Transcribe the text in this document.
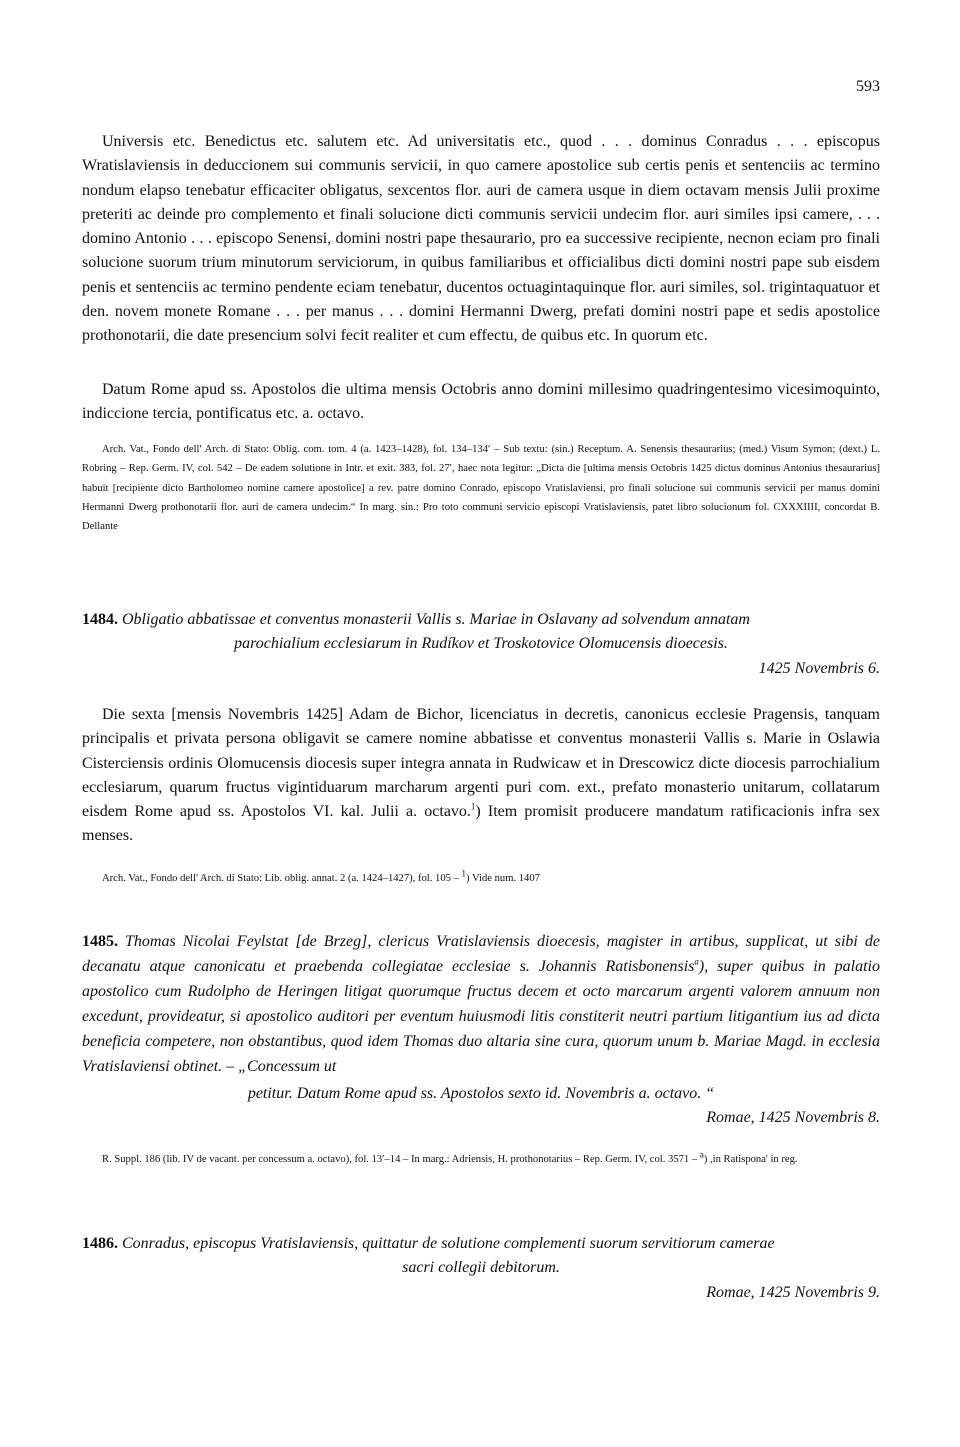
593

Universis etc. Benedictus etc. salutem etc. Ad universitatis etc., quod . . . dominus Conradus . . . episcopus Wratislaviensis in deduccionem sui communis servicii, in quo camere apostolice sub certis penis et sentenciis ac termino nondum elapso tenebatur efficaciter obligatus, sexcentos flor. auri de camera usque in diem octavam mensis Julii proxime preteriti ac deinde pro complemento et finali solucione dicti communis servicii undecim flor. auri similes ipsi camere, . . . domino Antonio . . . episcopo Senensi, domini nostri pape thesaurario, pro ea successive recipiente, necnon eciam pro finali solucione suorum trium minutorum serviciorum, in quibus familiaribus et officialibus dicti domini nostri pape sub eisdem penis et sentenciis ac termino pendente eciam tenebatur, ducentos octuagintaquinque flor. auri similes, sol. trigintaquatuor et den. novem monete Romane . . . per manus . . . domini Hermanni Dwerg, prefati domini nostri pape et sedis apostolice prothonotarii, die date presencium solvi fecit realiter et cum effectu, de quibus etc. In quorum etc.

Datum Rome apud ss. Apostolos die ultima mensis Octobris anno domini millesimo quadringentesimo vicesimoquinto, indiccione tercia, pontificatus etc. a. octavo.

Arch. Vat., Fondo dell' Arch. di Stato: Oblig. com. tom. 4 (a. 1423–1428), fol. 134–134′ – Sub textu: (sin.) Receptum. A. Senensis thesaurarius; (med.) Visum Symon; (dext.) L. Robring – Rep. Germ. IV, col. 542 – De eadem solutione in Intr. et exit. 383, fol. 27′, haec nota legitur: „Dicta die [ultima mensis Octobris 1425 dictus dominus Antonius thesaurarius] habuit [recipiente dicto Bartholomeo nomine camere apostolice] a rev. patre domino Conrado, episcopo Vratislaviensi, pro finali solucione sui communis servicii per manus domini Hermanni Dwerg prothonotarii flor. auri de camera undecim.“ In marg. sin.: Pro toto communi servicio episcopi Vratislaviensis, patet libro solucionum fol. CXXXIIII, concordat B. Dellante

1484. Obligatio abbatissae et conventus monasterii Vallis s. Mariae in Oslavany ad solvendum annatam

parochialium ecclesiarum in Rudíkov et Troskotovice Olomucensis dioecesis.

1425 Novembris 6.

Die sexta [mensis Novembris 1425] Adam de Bichor, licenciatus in decretis, canonicus ecclesie Pragensis, tanquam principalis et privata persona obligavit se camere nomine abbatisse et conventus monasterii Vallis s. Marie in Oslawia Cisterciensis ordinis Olomucensis diocesis super integra annata in Rudwicaw et in Drescowicz dicte diocesis parrochialium ecclesiarum, quarum fructus vigintiduarum marcharum argenti puri com. ext., prefato monasterio unitarum, collatarum eisdem Rome apud ss. Apostolos VI. kal. Julii a. octavo.$^1$) Item promisit producere mandatum ratificacionis infra sex menses.

Arch. Vat., Fondo dell' Arch. di Stato: Lib. oblig. annat. 2 (a. 1424–1427), fol. 105 – $^1$) Vide num. 1407

1485. Thomas Nicolai Feylstat [de Brzeg], clericus Vratislaviensis dioecesis, magister in artibus, supplicat, ut sibi de decanatu atque canonicatu et praebenda collegiatae ecclesiae s. Johannis Ratisbonensis$^a$), super quibus in palatio apostolico cum Rudolpho de Heringen litigat quorumque fructus decem et octo marcarum argenti valorem annuum non excedunt, provideatur, si apostolico auditori per eventum huiusmodi litis constiterit neutri partium litigantium ius ad dicta beneficia competere, non obstantibus, quod idem Thomas duo altaria sine cura, quorum unum b. Mariae Magd. in ecclesia Vratislaviensi obtinet. – „Concessum ut

petitur. Datum Rome apud ss. Apostolos sexto id. Novembris a. octavo. “

Romae, 1425 Novembris 8.

R. Suppl. 186 (lib. IV de vacant. per concessum a. octavo), fol. 13′–14 – In marg.: Adriensis, H. prothonotarius – Rep. Germ. IV, col. 3571 – $^a$) ,in Ratispona' in reg.

1486. Conradus, episcopus Vratislaviensis, quittatur de solutione complementi suorum servitiorum camerae

sacri collegii debitorum.

Romae, 1425 Novembris 9.
